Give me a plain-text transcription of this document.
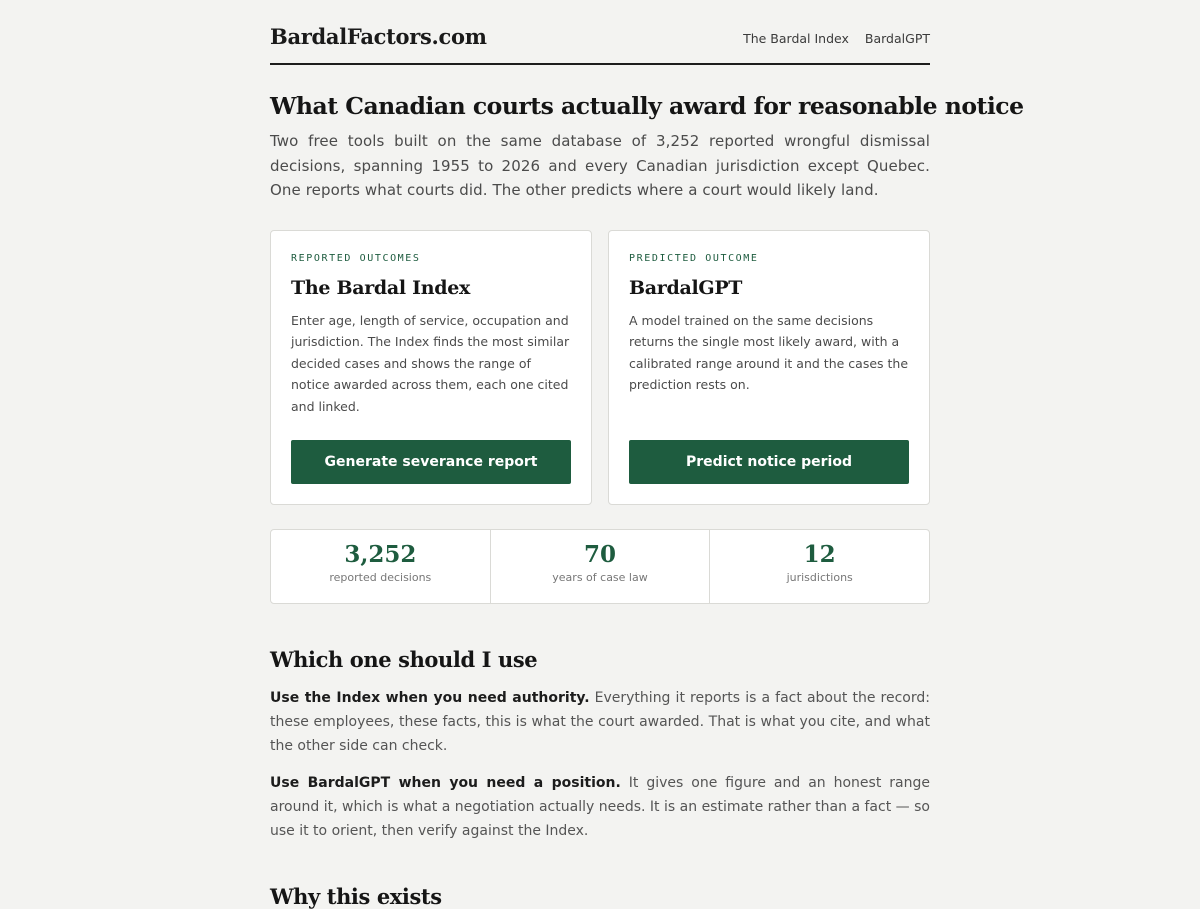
BardalFactors.com	The Bardal Index BardalGPT
What Canadian courts actually award for reasonable notice

Two free tools built on the same database of 3,252 reported wrongful dismissal decisions, spanning 1955 to 2026 and every Canadian jurisdiction except Quebec. One reports what courts did. The other predicts where a court would likely land.

REPORTED OUTCOMES
The Bardal Index

Enter age, length of service, occupation and jurisdiction. The Index finds the most similar decided cases and shows the range of notice awarded across them, each one cited and linked.

Generate severance report
PREDICTED OUTCOME
BardalGPT

A model trained on the same decisions returns the single most likely award, with a calibrated range around it and the cases the prediction rests on.

Predict notice period
3,252
reported decisions
70
years of case law
12
jurisdictions
Which one should I use

Use the Index when you need authority. Everything it reports is a fact about the record: these employees, these facts, this is what the court awarded. That is what you cite, and what the other side can check.

Use BardalGPT when you need a position. It gives one figure and an honest range around it, which is what a negotiation actually needs. It is an estimate rather than a fact — so use it to orient, then verify against the Index.

Why this exists
